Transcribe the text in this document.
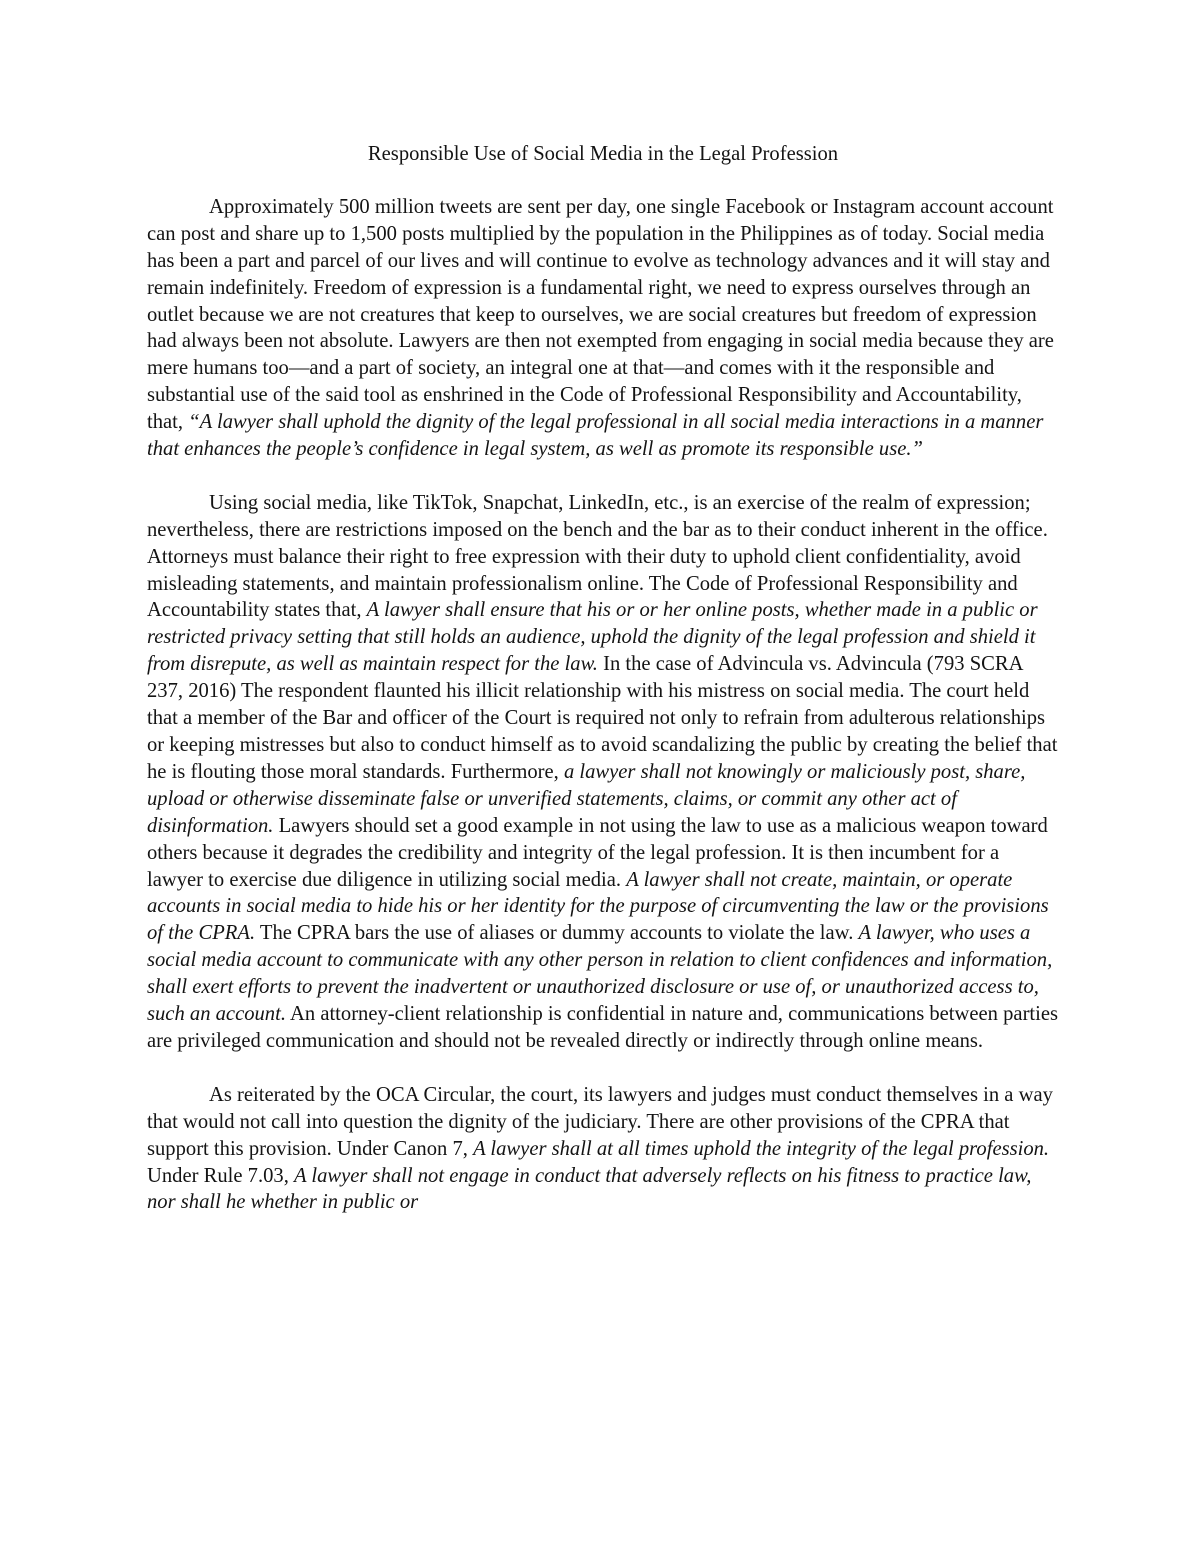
Responsible Use of Social Media in the Legal Profession

Approximately 500 million tweets are sent per day, one single Facebook or Instagram account account can post and share up to 1,500 posts multiplied by the population in the Philippines as of today. Social media has been a part and parcel of our lives and will continue to evolve as technology advances and it will stay and remain indefinitely. Freedom of expression is a fundamental right, we need to express ourselves through an outlet because we are not creatures that keep to ourselves, we are social creatures but freedom of expression had always been not absolute. Lawyers are then not exempted from engaging in social media because they are mere humans too—and a part of society, an integral one at that—and comes with it the responsible and substantial use of the said tool as enshrined in the Code of Professional Responsibility and Accountability, that, “A lawyer shall uphold the dignity of the legal professional in all social media interactions in a manner that enhances the people’s confidence in legal system, as well as promote its responsible use.”

Using social media, like TikTok, Snapchat, LinkedIn, etc., is an exercise of the realm of expression; nevertheless, there are restrictions imposed on the bench and the bar as to their conduct inherent in the office. Attorneys must balance their right to free expression with their duty to uphold client confidentiality, avoid misleading statements, and maintain professionalism online. The Code of Professional Responsibility and Accountability states that, A lawyer shall ensure that his or or her online posts, whether made in a public or restricted privacy setting that still holds an audience, uphold the dignity of the legal profession and shield it from disrepute, as well as maintain respect for the law. In the case of Advincula vs. Advincula (793 SCRA 237, 2016) The respondent flaunted his illicit relationship with his mistress on social media. The court held that a member of the Bar and officer of the Court is required not only to refrain from adulterous relationships or keeping mistresses but also to conduct himself as to avoid scandalizing the public by creating the belief that he is flouting those moral standards. Furthermore, a lawyer shall not knowingly or maliciously post, share, upload or otherwise disseminate false or unverified statements, claims, or commit any other act of disinformation. Lawyers should set a good example in not using the law to use as a malicious weapon toward others because it degrades the credibility and integrity of the legal profession. It is then incumbent for a lawyer to exercise due diligence in utilizing social media. A lawyer shall not create, maintain, or operate accounts in social media to hide his or her identity for the purpose of circumventing the law or the provisions of the CPRA. The CPRA bars the use of aliases or dummy accounts to violate the law. A lawyer, who uses a social media account to communicate with any other person in relation to client confidences and information, shall exert efforts to prevent the inadvertent or unauthorized disclosure or use of, or unauthorized access to, such an account. An attorney-client relationship is confidential in nature and, communications between parties are privileged communication and should not be revealed directly or indirectly through online means.

As reiterated by the OCA Circular, the court, its lawyers and judges must conduct themselves in a way that would not call into question the dignity of the judiciary. There are other provisions of the CPRA that support this provision. Under Canon 7, A lawyer shall at all times uphold the integrity of the legal profession. Under Rule 7.03, A lawyer shall not engage in conduct that adversely reflects on his fitness to practice law, nor shall he whether in public or
